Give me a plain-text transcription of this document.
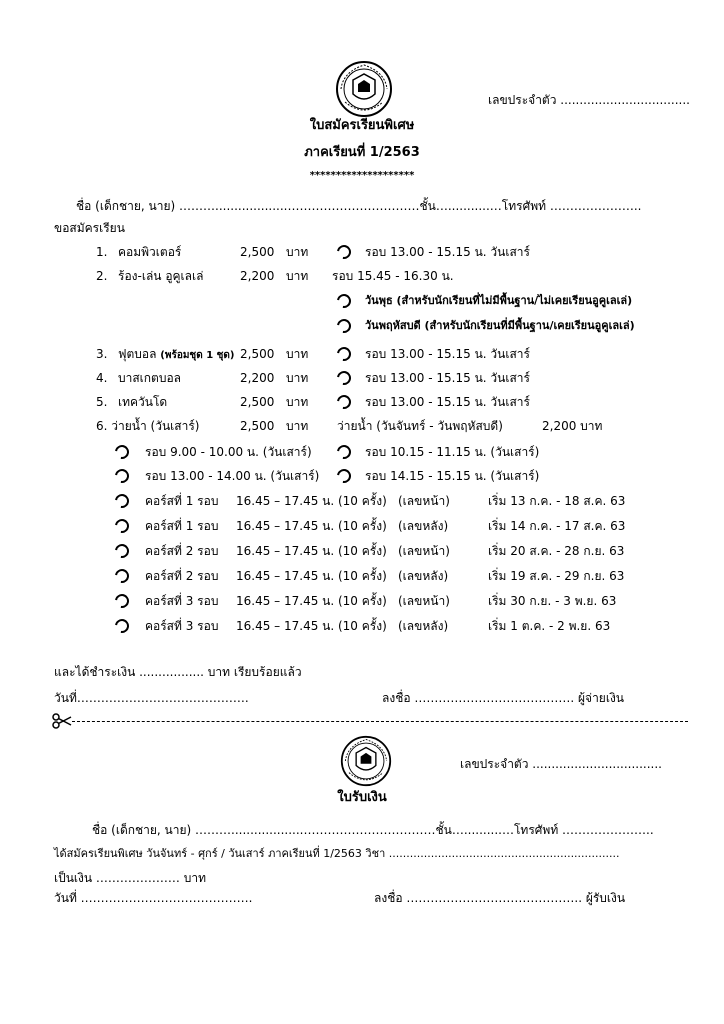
เลขประจำตัว ..................................
ใบสมัครเรียนพิเศษ
ภาคเรียนที่ 1/2563
********************
ชื่อ (เด็กชาย, นาย) ………...................……………………………ชั้น…...........…โทรศัพท์ …………………..
ขอสมัครเรียน
1. คอมพิวเตอร์	2,500 บาท	รอบ 13.00 - 15.15 น. วันเสาร์
2. ร้อง-เล่น อูคูเลเล่	2,200 บาท รอบ 15.45 - 16.30 น.
วันพุธ (สำหรับนักเรียนที่ไม่มีพื้นฐาน/ไม่เคยเรียนอูคูเลเล่)
วันพฤหัสบดี (สำหรับนักเรียนที่มีพื้นฐาน/เคยเรียนอูคูเลเล่)
3. ฟุตบอล (พร้อมชุด 1 ชุด) 2,500 บาท	รอบ 13.00 - 15.15 น. วันเสาร์
4. บาสเกตบอล	2,200 บาท	รอบ 13.00 - 15.15 น. วันเสาร์
5. เทควันโด	2,500 บาท	รอบ 13.00 - 15.15 น. วันเสาร์
6. ว่ายน้ำ (วันเสาร์)	2,500 บาท ว่ายน้ำ (วันจันทร์ - วันพฤหัสบดี)	2,200 บาท
รอบ 9.00 - 10.00 น. (วันเสาร์)	รอบ 10.15 - 11.15 น. (วันเสาร์)
รอบ 13.00 - 14.00 น. (วันเสาร์)	รอบ 14.15 - 15.15 น. (วันเสาร์)
คอร์สที่ 1 รอบ 16.45 – 17.45 น. (10 ครั้ง) (เลขหน้า)	เริ่ม 13 ก.ค. - 18 ส.ค. 63
คอร์สที่ 1 รอบ 16.45 – 17.45 น. (10 ครั้ง) (เลขหลัง)	เริ่ม 14 ก.ค. - 17 ส.ค. 63
คอร์สที่ 2 รอบ 16.45 – 17.45 น. (10 ครั้ง) (เลขหน้า)	เริ่ม 20 ส.ค. - 28 ก.ย. 63
คอร์สที่ 2 รอบ 16.45 – 17.45 น. (10 ครั้ง) (เลขหลัง)	เริ่ม 19 ส.ค. - 29 ก.ย. 63
คอร์สที่ 3 รอบ 16.45 – 17.45 น. (10 ครั้ง) (เลขหน้า)	เริ่ม 30 ก.ย. - 3 พ.ย. 63
คอร์สที่ 3 รอบ 16.45 – 17.45 น. (10 ครั้ง) (เลขหลัง)	เริ่ม 1 ต.ค. - 2 พ.ย. 63
และได้ชำระเงิน ................. บาท เรียบร้อยแล้ว
วันที่…………………………………….	ลงชื่อ …………………………………. ผู้จ่ายเงิน
เลขประจำตัว ..................................
ใบรับเงิน
ชื่อ (เด็กชาย, นาย) ………...................……………………………ชั้น…..........…โทรศัพท์ …………………..
ได้สมัครเรียนพิเศษ วันจันทร์ - ศุกร์ / วันเสาร์ ภาคเรียนที่ 1/2563 วิชา ..................................................................
เป็นเงิน ………………… บาท
วันที่ …………………………………….	ลงชื่อ …………………………………….. ผู้รับเงิน
